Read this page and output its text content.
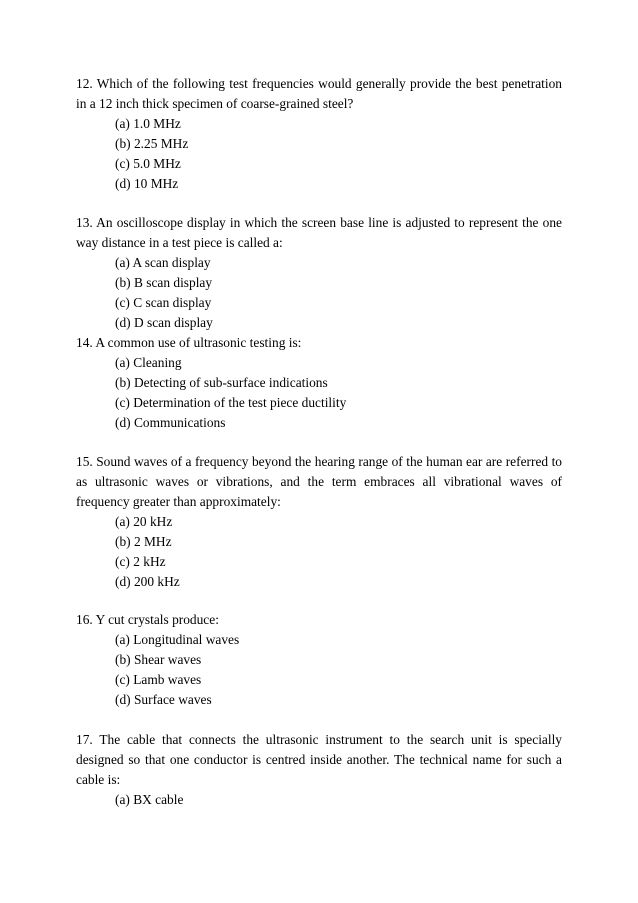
12. Which of the following test frequencies would generally provide the best penetration in a 12 inch thick specimen of coarse-grained steel?

(a) 1.0 MHz

(b) 2.25 MHz

(c) 5.0 MHz

(d) 10 MHz

13. An oscilloscope display in which the screen base line is adjusted to represent the one way distance in a test piece is called a:

(a) A scan display

(b) B scan display

(c) C scan display

(d) D scan display

14. A common use of ultrasonic testing is:

(a) Cleaning

(b) Detecting of sub-surface indications

(c) Determination of the test piece ductility

(d) Communications

15. Sound waves of a frequency beyond the hearing range of the human ear are referred to as ultrasonic waves or vibrations, and the term embraces all vibrational waves of frequency greater than approximately:

(a) 20 kHz

(b) 2 MHz

(c) 2 kHz

(d) 200 kHz

16. Y cut crystals produce:

(a) Longitudinal waves

(b) Shear waves

(c) Lamb waves

(d) Surface waves

17. The cable that connects the ultrasonic instrument to the search unit is specially designed so that one conductor is centred inside another. The technical name for such a cable is:

(a) BX cable
